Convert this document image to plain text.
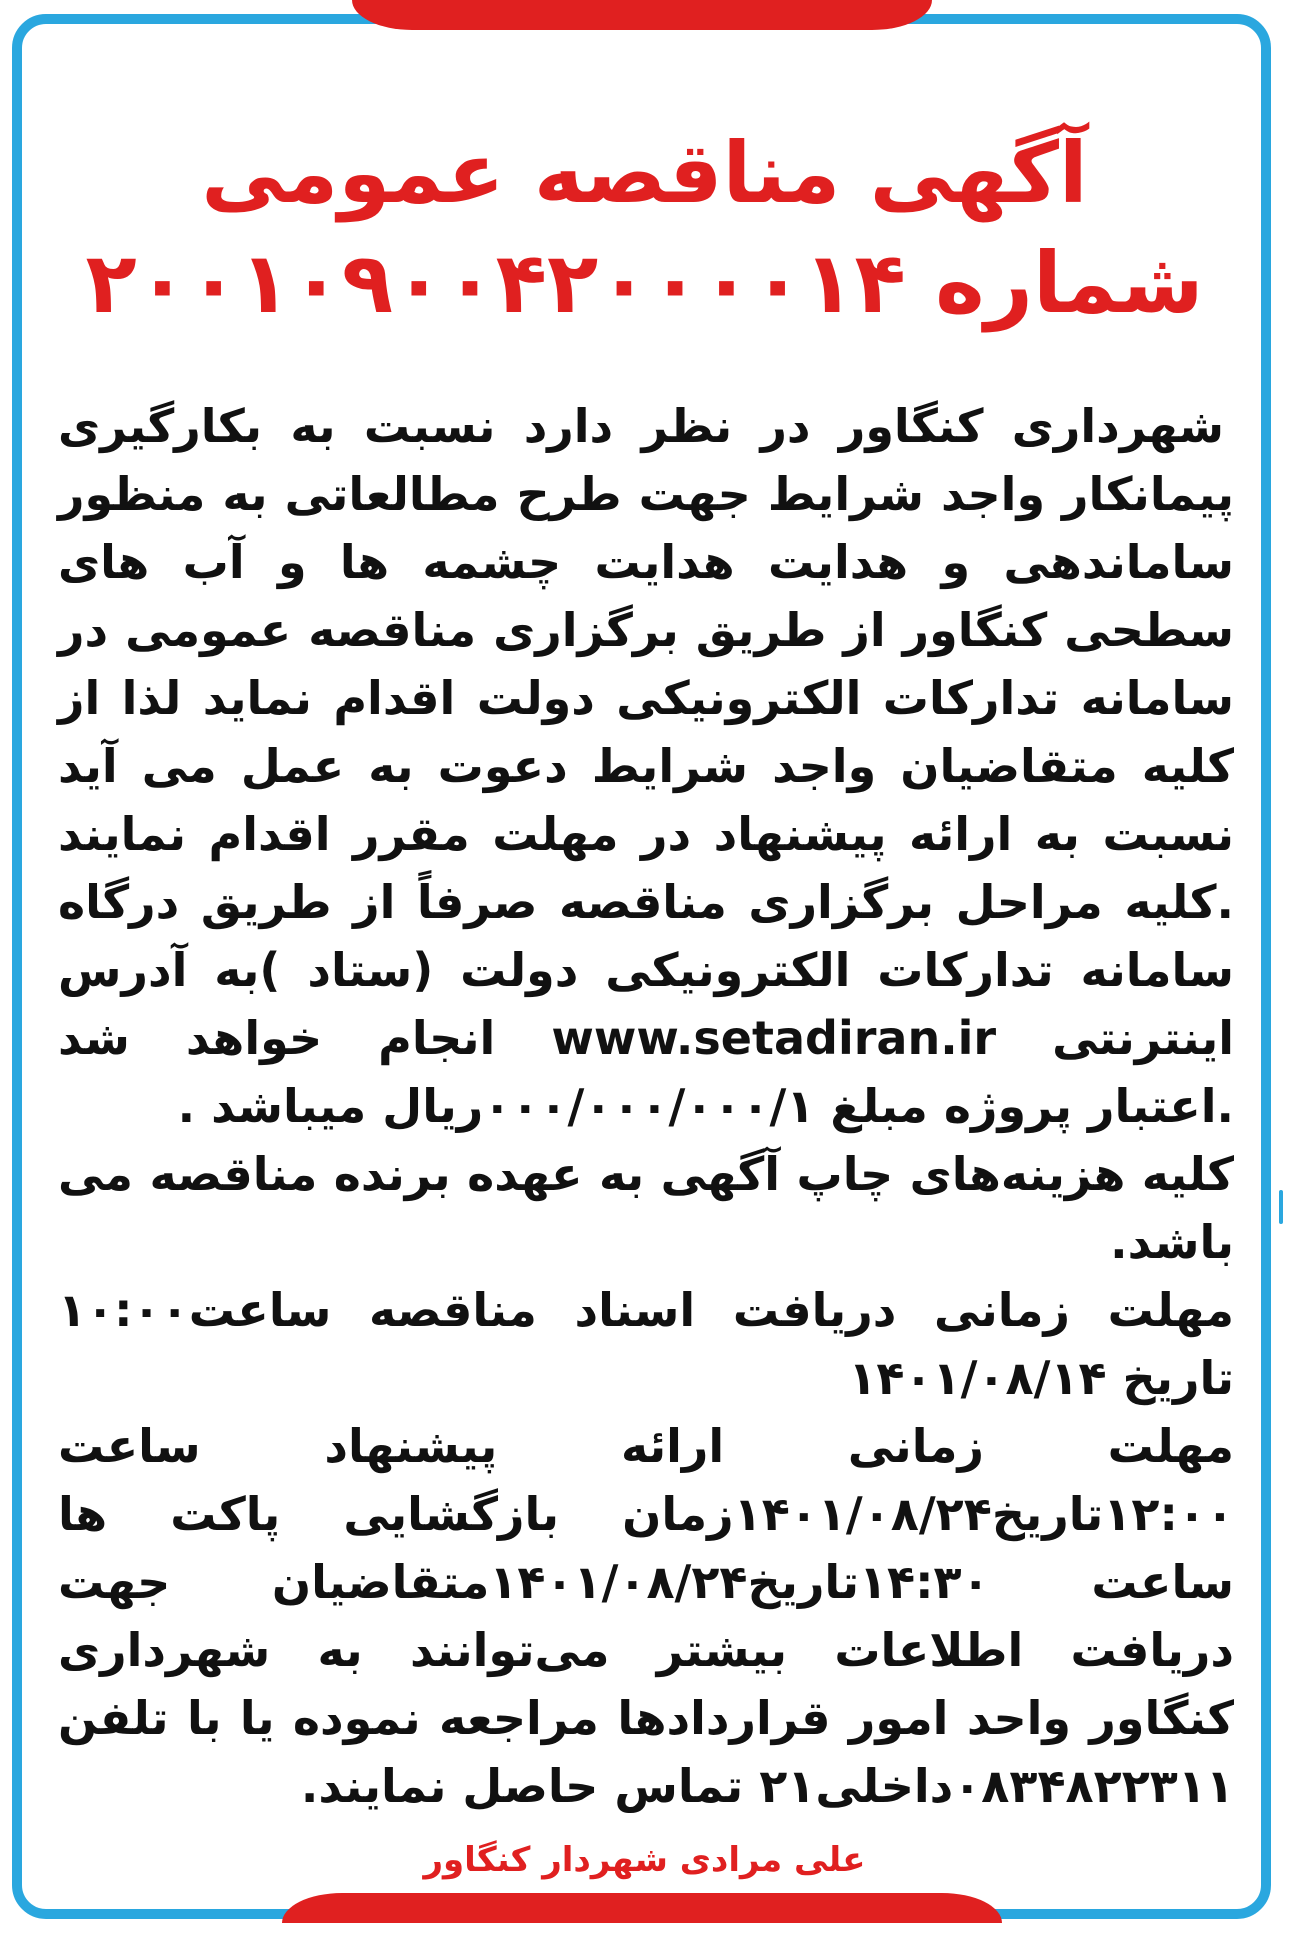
آگهی مناقصه عمومی
شماره ۲۰۰۱۰۹۰۰۴۲۰۰۰۰۱۴

شهرداری کنگاور در نظر دارد نسبت به بکارگیری پیمانکار واجد شرایط جهت طرح مطالعاتی به منظور ساماندهی و هدایت هدایت چشمه ها و آب های سطحی کنگاور از طریق برگزاری مناقصه عمومی در سامانه تدارکات الکترونیکی دولت اقدام نماید لذا از کلیه متقاضیان واجد شرایط دعوت به عمل می آید نسبت به ارائه پیشنهاد در مهلت مقرر اقدام نمایند .کلیه مراحل برگزاری مناقصه صرفاً از طریق درگاه سامانه تدارکات الکترونیکی دولت (ستاد )به آدرس اینترنتی www.setadiran.ir انجام خواهد شد .اعتبار پروژه مبلغ ۰۰۰/۰۰۰/۰۰۰/۱ریال میباشد .

کلیه هزینه‌های چاپ آگهی به عهده برنده مناقصه می باشد.

مهلت زمانی دریافت اسناد مناقصه ساعت۱۰:۰۰ تاریخ ۱۴۰۱/۰۸/۱۴

مهلت زمانی ارائه پیشنهاد ساعت ۱۲:۰۰تاریخ۱۴۰۱/۰۸/۲۴زمان بازگشایی پاکت ها ساعت ۱۴:۳۰تاریخ۱۴۰۱/۰۸/۲۴متقاضیان جهت دریافت اطلاعات بیشتر می‌توانند به شهرداری کنگاور واحد امور قراردادها مراجعه نموده یا با تلفن ۰۸۳۴۸۲۲۳۱۱داخلی۲۱ تماس حاصل نمایند.

علی مرادی شهردار کنگاور
